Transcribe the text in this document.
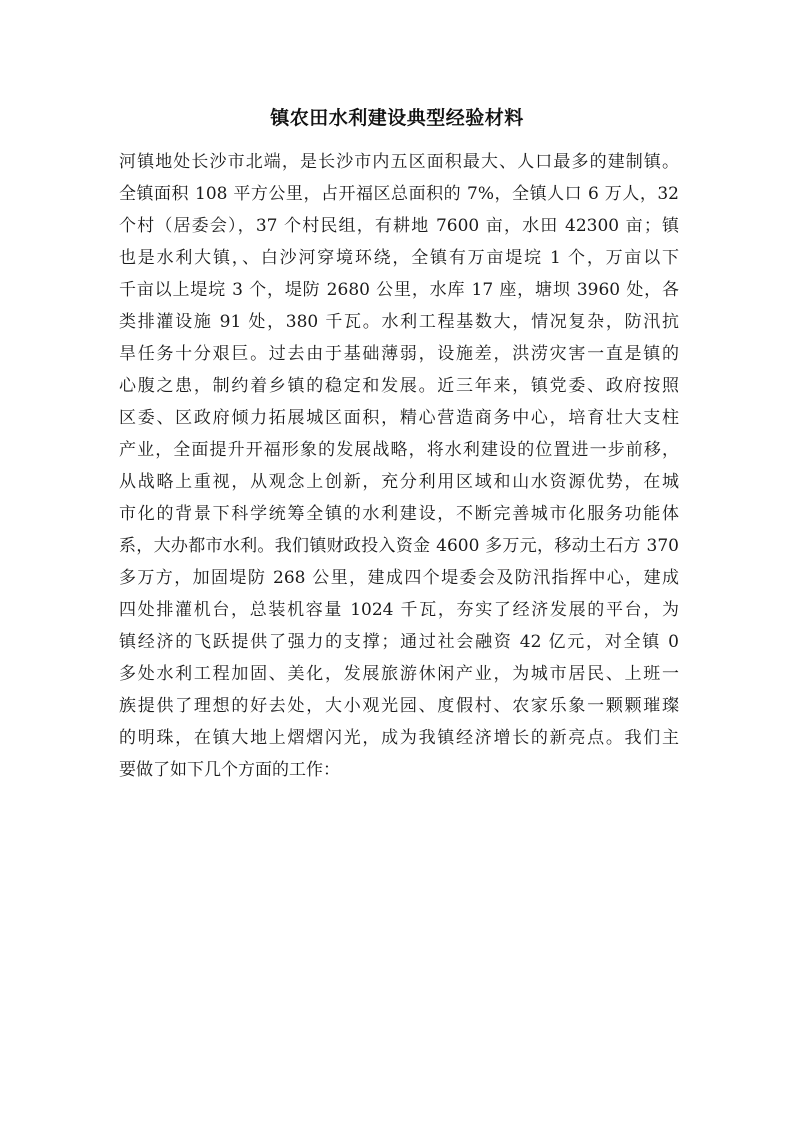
镇农田水利建设典型经验材料
河镇地处长沙市北端，是长沙市内五区面积最大、人口最多的建制镇。
全镇面积 108 平方公里，占开福区总面积的 7%，全镇人口 6 万人，32
个村（居委会），37 个村民组，有耕地 7600 亩，水田 42300 亩；镇
也是水利大镇，、白沙河穿境环绕，全镇有万亩堤垸 1 个，万亩以下
千亩以上堤垸 3 个，堤防 2680 公里，水库 17 座，塘坝 3960 处，各
类排灌设施 91 处，380 千瓦。水利工程基数大，情况复杂，防汛抗
旱任务十分艰巨。过去由于基础薄弱，设施差，洪涝灾害一直是镇的
心腹之患，制约着乡镇的稳定和发展。近三年来，镇党委、政府按照
区委、区政府倾力拓展城区面积，精心营造商务中心，培育壮大支柱
产业，全面提升开福形象的发展战略，将水利建设的位置进一步前移，
从战略上重视，从观念上创新，充分利用区域和山水资源优势，在城
市化的背景下科学统筹全镇的水利建设，不断完善城市化服务功能体
系，大办都市水利。我们镇财政投入资金 4600 多万元，移动土石方 370
多万方，加固堤防 268 公里，建成四个堤委会及防汛指挥中心，建成
四处排灌机台，总装机容量 1024 千瓦，夯实了经济发展的平台，为
镇经济的飞跃提供了强力的支撑；通过社会融资 42 亿元，对全镇 0
多处水利工程加固、美化，发展旅游休闲产业，为城市居民、上班一
族提供了理想的好去处，大小观光园、度假村、农家乐象一颗颗璀璨
的明珠，在镇大地上熠熠闪光，成为我镇经济增长的新亮点。我们主
要做了如下几个方面的工作：
